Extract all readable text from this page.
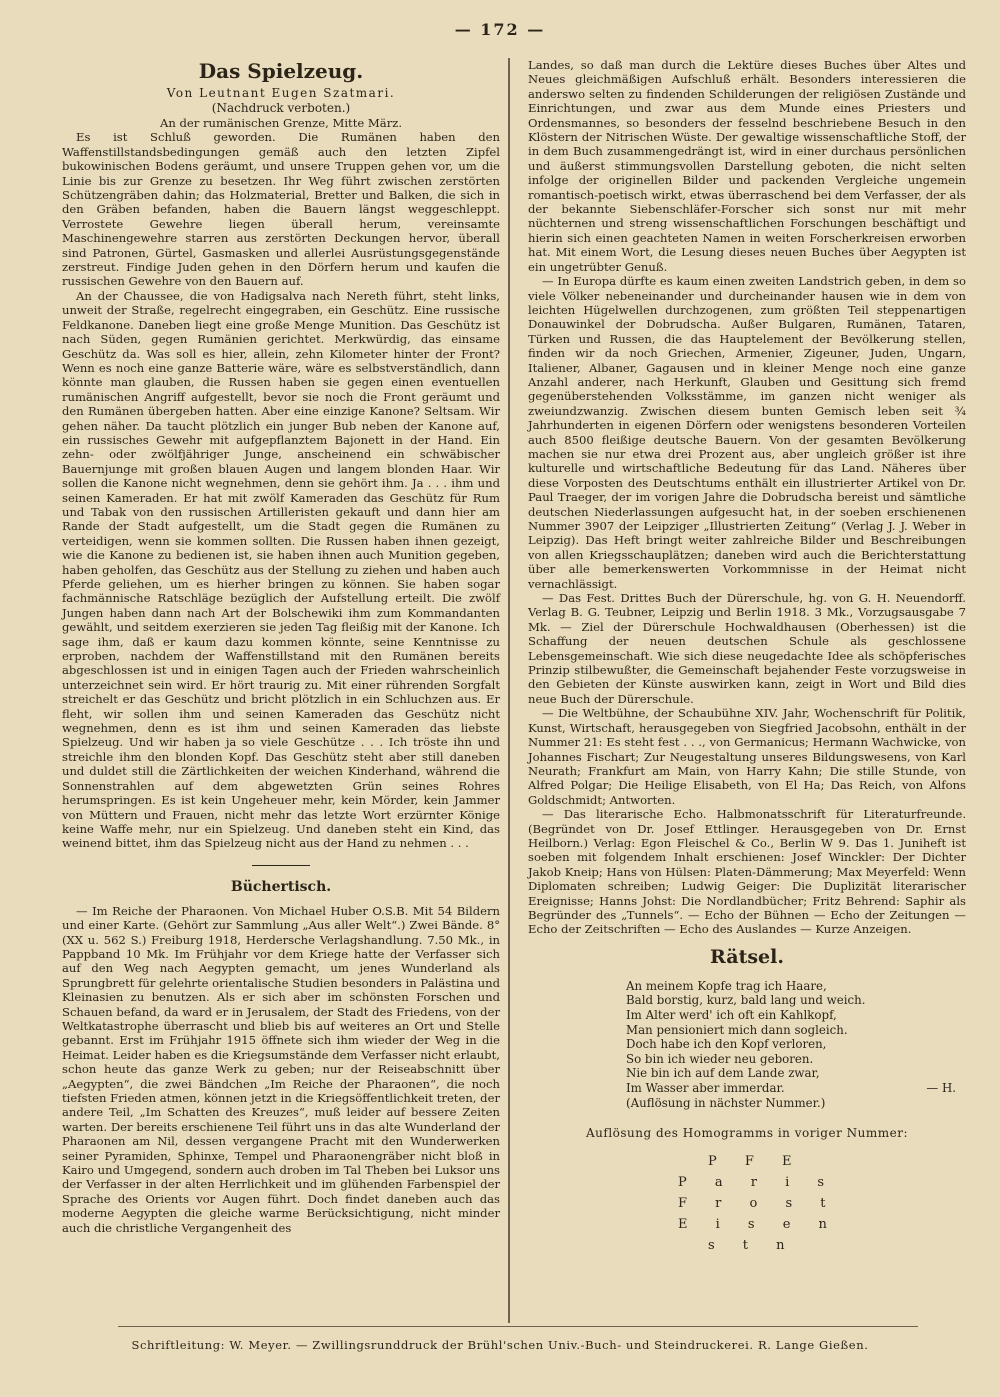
— 172 —
Das Spielzeug.
Von Leutnant Eugen Szatmari.
(Nachdruck verboten.)

An der rumänischen Grenze, Mitte März.

Es ist Schluß geworden. Die Rumänen haben den Waffenstillstandsbedingungen gemäß auch den letzten Zipfel bukowinischen Bodens geräumt, und unsere Truppen gehen vor, um die Linie bis zur Grenze zu besetzen. Ihr Weg führt zwischen zerstörten Schützengräben dahin; das Holzmaterial, Bretter und Balken, die sich in den Gräben befanden, haben die Bauern längst weggeschleppt. Verrostete Gewehre liegen überall herum, vereinsamte Maschinengewehre starren aus zerstörten Deckungen hervor, überall sind Patronen, Gürtel, Gasmasken und allerlei Ausrüstungsgegenstände zerstreut. Findige Juden gehen in den Dörfern herum und kaufen die russischen Gewehre von den Bauern auf.

An der Chaussee, die von Hadigsalva nach Nereth führt, steht links, unweit der Straße, regelrecht eingegraben, ein Geschütz. Eine russische Feldkanone. Daneben liegt eine große Menge Munition. Das Geschütz ist nach Süden, gegen Rumänien gerichtet. Merkwürdig, das einsame Geschütz da. Was soll es hier, allein, zehn Kilometer hinter der Front? Wenn es noch eine ganze Batterie wäre, wäre es selbstverständlich, dann könnte man glauben, die Russen haben sie gegen einen eventuellen rumänischen Angriff aufgestellt, bevor sie noch die Front geräumt und den Rumänen übergeben hatten. Aber eine einzige Kanone? Seltsam. Wir gehen näher. Da taucht plötzlich ein junger Bub neben der Kanone auf, ein russisches Gewehr mit aufgepflanztem Bajonett in der Hand. Ein zehn- oder zwölfjähriger Junge, anscheinend ein schwäbischer Bauernjunge mit großen blauen Augen und langem blonden Haar. Wir sollen die Kanone nicht wegnehmen, denn sie gehört ihm. Ja . . . ihm und seinen Kameraden. Er hat mit zwölf Kameraden das Geschütz für Rum und Tabak von den russischen Artilleristen gekauft und dann hier am Rande der Stadt aufgestellt, um die Stadt gegen die Rumänen zu verteidigen, wenn sie kommen sollten. Die Russen haben ihnen gezeigt, wie die Kanone zu bedienen ist, sie haben ihnen auch Munition gegeben, haben geholfen, das Geschütz aus der Stellung zu ziehen und haben auch Pferde geliehen, um es hierher bringen zu können. Sie haben sogar fachmännische Ratschläge bezüglich der Aufstellung erteilt. Die zwölf Jungen haben dann nach Art der Bolschewiki ihm zum Kommandanten gewählt, und seitdem exerzieren sie jeden Tag fleißig mit der Kanone. Ich sage ihm, daß er kaum dazu kommen könnte, seine Kenntnisse zu erproben, nachdem der Waffenstillstand mit den Rumänen bereits abgeschlossen ist und in einigen Tagen auch der Frieden wahrscheinlich unterzeichnet sein wird. Er hört traurig zu. Mit einer rührenden Sorgfalt streichelt er das Geschütz und bricht plötzlich in ein Schluchzen aus. Er fleht, wir sollen ihm und seinen Kameraden das Geschütz nicht wegnehmen, denn es ist ihm und seinen Kameraden das liebste Spielzeug. Und wir haben ja so viele Geschütze . . . Ich tröste ihn und streichle ihm den blonden Kopf. Das Geschütz steht aber still daneben und duldet still die Zärtlichkeiten der weichen Kinderhand, während die Sonnenstrahlen auf dem abgewetzten Grün seines Rohres herumspringen. Es ist kein Ungeheuer mehr, kein Mörder, kein Jammer von Müttern und Frauen, nicht mehr das letzte Wort erzürnter Könige keine Waffe mehr, nur ein Spielzeug. Und daneben steht ein Kind, das weinend bittet, ihm das Spielzeug nicht aus der Hand zu nehmen . . .

Büchertisch.

— Im Reiche der Pharaonen. Von Michael Huber O.S.B. Mit 54 Bildern und einer Karte. (Gehört zur Sammlung „Aus aller Welt“.) Zwei Bände. 8° (XX u. 562 S.) Freiburg 1918, Herdersche Verlagshandlung. 7.50 Mk., in Pappband 10 Mk. Im Frühjahr vor dem Kriege hatte der Verfasser sich auf den Weg nach Aegypten gemacht, um jenes Wunderland als Sprungbrett für gelehrte orientalische Studien besonders in Palästina und Kleinasien zu benutzen. Als er sich aber im schönsten Forschen und Schauen befand, da ward er in Jerusalem, der Stadt des Friedens, von der Weltkatastrophe überrascht und blieb bis auf weiteres an Ort und Stelle gebannt. Erst im Frühjahr 1915 öffnete sich ihm wieder der Weg in die Heimat. Leider haben es die Kriegsumstände dem Verfasser nicht erlaubt, schon heute das ganze Werk zu geben; nur der Reiseabschnitt über „Aegypten“, die zwei Bändchen „Im Reiche der Pharaonen“, die noch tiefsten Frieden atmen, können jetzt in die Kriegsöffentlichkeit treten, der andere Teil, „Im Schatten des Kreuzes“, muß leider auf bessere Zeiten warten. Der bereits erschienene Teil führt uns in das alte Wunderland der Pharaonen am Nil, dessen vergangene Pracht mit den Wunderwerken seiner Pyramiden, Sphinxe, Tempel und Pharaonengräber nicht bloß in Kairo und Umgegend, sondern auch droben im Tal Theben bei Luksor uns der Verfasser in der alten Herrlichkeit und im glühenden Farbenspiel der Sprache des Orients vor Augen führt. Doch findet daneben auch das moderne Aegypten die gleiche warme Berücksichtigung, nicht minder auch die christliche Vergangenheit des

Landes, so daß man durch die Lektüre dieses Buches über Altes und Neues gleichmäßigen Aufschluß erhält. Besonders interessieren die anderswo selten zu findenden Schilderungen der religiösen Zustände und Einrichtungen, und zwar aus dem Munde eines Priesters und Ordensmannes, so besonders der fesselnd beschriebene Besuch in den Klöstern der Nitrischen Wüste. Der gewaltige wissenschaftliche Stoff, der in dem Buch zusammengedrängt ist, wird in einer durchaus persönlichen und äußerst stimmungsvollen Darstellung geboten, die nicht selten infolge der originellen Bilder und packenden Vergleiche ungemein romantisch-poetisch wirkt, etwas überraschend bei dem Verfasser, der als der bekannte Siebenschläfer-Forscher sich sonst nur mit mehr nüchternen und streng wissenschaftlichen Forschungen beschäftigt und hierin sich einen geachteten Namen in weiten Forscherkreisen erworben hat. Mit einem Wort, die Lesung dieses neuen Buches über Aegypten ist ein ungetrübter Genuß.

— In Europa dürfte es kaum einen zweiten Landstrich geben, in dem so viele Völker nebeneinander und durcheinander hausen wie in dem von leichten Hügelwellen durchzogenen, zum größten Teil steppenartigen Donauwinkel der Dobrudscha. Außer Bulgaren, Rumänen, Tataren, Türken und Russen, die das Hauptelement der Bevölkerung stellen, finden wir da noch Griechen, Armenier, Zigeuner, Juden, Ungarn, Italiener, Albaner, Gagausen und in kleiner Menge noch eine ganze Anzahl anderer, nach Herkunft, Glauben und Gesittung sich fremd gegenüberstehenden Volksstämme, im ganzen nicht weniger als zweiundzwanzig. Zwischen diesem bunten Gemisch leben seit ¾ Jahrhunderten in eigenen Dörfern oder wenigstens besonderen Vorteilen auch 8500 fleißige deutsche Bauern. Von der gesamten Bevölkerung machen sie nur etwa drei Prozent aus, aber ungleich größer ist ihre kulturelle und wirtschaftliche Bedeutung für das Land. Näheres über diese Vorposten des Deutschtums enthält ein illustrierter Artikel von Dr. Paul Traeger, der im vorigen Jahre die Dobrudscha bereist und sämtliche deutschen Niederlassungen aufgesucht hat, in der soeben erschienenen Nummer 3907 der Leipziger „Illustrierten Zeitung“ (Verlag J. J. Weber in Leipzig). Das Heft bringt weiter zahlreiche Bilder und Beschreibungen von allen Kriegsschauplätzen; daneben wird auch die Berichterstattung über alle bemerkenswerten Vorkommnisse in der Heimat nicht vernachlässigt.

— Das Fest. Drittes Buch der Dürerschule, hg. von G. H. Neuendorff. Verlag B. G. Teubner, Leipzig und Berlin 1918. 3 Mk., Vorzugsausgabe 7 Mk. — Ziel der Dürerschule Hochwaldhausen (Oberhessen) ist die Schaffung der neuen deutschen Schule als geschlossene Lebensgemeinschaft. Wie sich diese neugedachte Idee als schöpferisches Prinzip stilbewußter, die Gemeinschaft bejahender Feste vorzugsweise in den Gebieten der Künste auswirken kann, zeigt in Wort und Bild dies neue Buch der Dürerschule.

— Die Weltbühne, der Schaubühne XIV. Jahr, Wochenschrift für Politik, Kunst, Wirtschaft, herausgegeben von Siegfried Jacobsohn, enthält in der Nummer 21: Es steht fest . . ., von Germanicus; Hermann Wachwicke, von Johannes Fischart; Zur Neugestaltung unseres Bildungswesens, von Karl Neurath; Frankfurt am Main, von Harry Kahn; Die stille Stunde, von Alfred Polgar; Die Heilige Elisabeth, von El Ha; Das Reich, von Alfons Goldschmidt; Antworten.

— Das literarische Echo. Halbmonatsschrift für Literaturfreunde. (Begründet von Dr. Josef Ettlinger. Herausgegeben von Dr. Ernst Heilborn.) Verlag: Egon Fleischel & Co., Berlin W 9. Das 1. Juniheft ist soeben mit folgendem Inhalt erschienen: Josef Winckler: Der Dichter Jakob Kneip; Hans von Hülsen: Platen-Dämmerung; Max Meyerfeld: Wenn Diplomaten schreiben; Ludwig Geiger: Die Duplizität literarischer Ereignisse; Hanns Johst: Die Nordlandbücher; Fritz Behrend: Saphir als Begründer des „Tunnels“. — Echo der Bühnen — Echo der Zeitungen — Echo der Zeitschriften — Echo des Auslandes — Kurze Anzeigen.

Rätsel.
An meinem Kopfe trag ich Haare,
Bald borstig, kurz, bald lang und weich.
Im Alter werd' ich oft ein Kahlkopf,
Man pensioniert mich dann sogleich.
Doch habe ich den Kopf verloren,
So bin ich wieder neu geboren.
Nie bin ich auf dem Lande zwar,
Im Wasser aber immerdar.	— H.
(Auflösung in nächster Nummer.)
Auflösung des Homogramms in voriger Nummer:
P F E
P a r i s
F r o s t
E i s e n
s t n
Schriftleitung: W. Meyer. — Zwillingsrunddruck der Brühl'schen Univ.-Buch- und Steindruckerei. R. Lange Gießen.
